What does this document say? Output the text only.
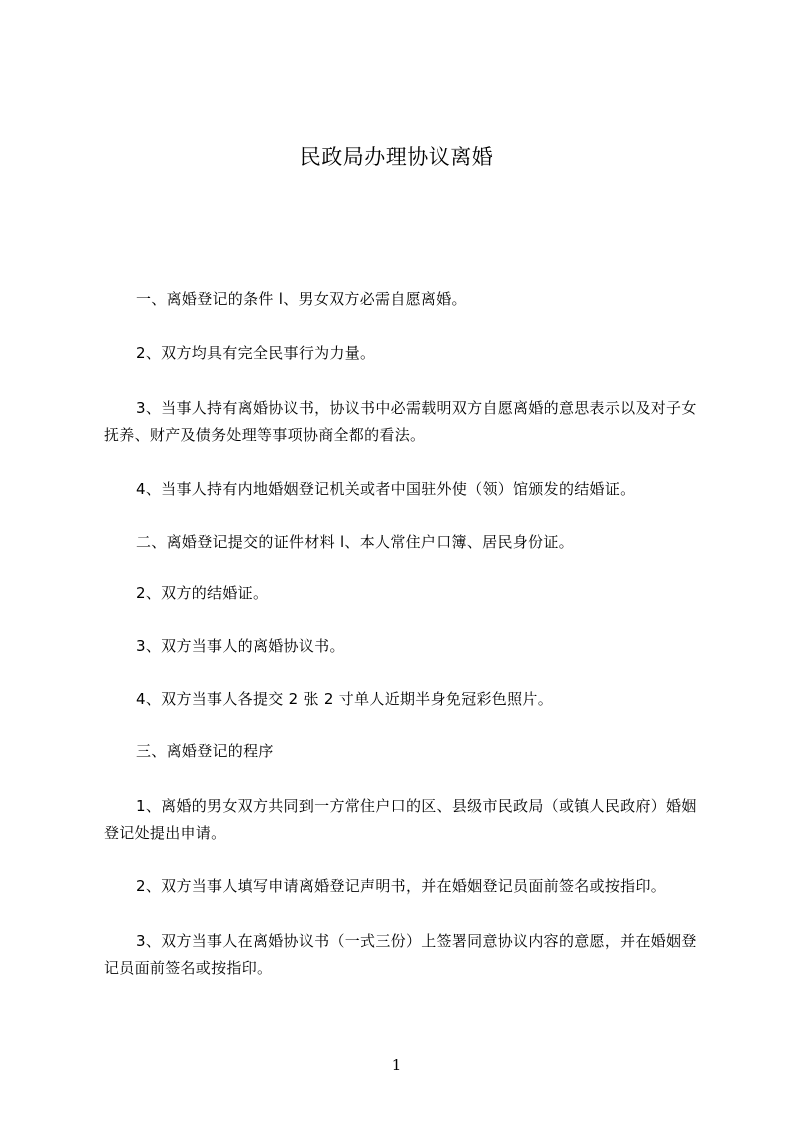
民政局办理协议离婚

一、离婚登记的条件 l、男女双方必需自愿离婚。

2、双方均具有完全民事行为力量。

3、当事人持有离婚协议书，协议书中必需载明双方自愿离婚的意思表示以及对子女抚养、财产及债务处理等事项协商全都的看法。

4、当事人持有内地婚姻登记机关或者中国驻外使（领）馆颁发的结婚证。

二、离婚登记提交的证件材料 l、本人常住户口簿、居民身份证。

2、双方的结婚证。

3、双方当事人的离婚协议书。

4、双方当事人各提交 2 张 2 寸单人近期半身免冠彩色照片。

三、离婚登记的程序

1、离婚的男女双方共同到一方常住户口的区、县级市民政局（或镇人民政府）婚姻登记处提出申请。

2、双方当事人填写申请离婚登记声明书，并在婚姻登记员面前签名或按指印。

3、双方当事人在离婚协议书（一式三份）上签署同意协议内容的意愿，并在婚姻登记员面前签名或按指印。

1
